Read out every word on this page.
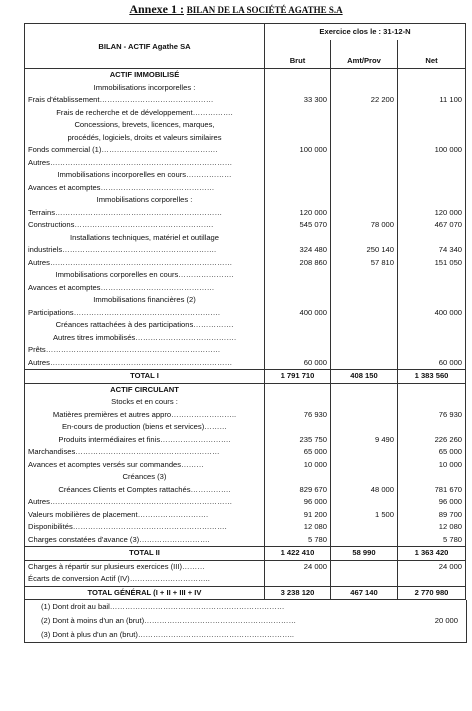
Annexe 1 : BILAN DE LA SOCIÉTÉ AGATHE S.A
	Exercice clos le : 31-12-N		
BILAN - ACTIF Agathe SA			
	Brut	Amt/Prov	Net
ACTIF IMMOBILISÉ			
Immobilisations incorporelles :			
Frais d'établissement………………………………………	33 300	22 200	11 100
Frais de recherche et de développement…………….			
Concessions, brevets, licences, marques,			
procédés, logiciels, droits et valeurs similaires			
Fonds commercial (1)……………………………………….	100 000		100 000
Autres………………………………………………………………			
Immobilisations incorporelles en cours………………			
Avances et acomptes………………………………………			
Immobilisations corporelles :			
Terrains…………………………………………………………	120 000		120 000
Constructions……………………………………………….	545 070	78 000	467 070
Installations techniques, matériel et outillage			
industriels…………………………………………………….	324 480	250 140	74 340
Autres………………………………………………………………	208 860	57 810	151 050
Immobilisations corporelles en cours………………….			
Avances et acomptes………………………………………			
Immobilisations financières (2)			
Participations………………………………………………….	400 000		400 000
Créances rattachées à des participations…………….			
Autres titres immobilisés………………………………….			
Prêts……………………………………………………………			
Autres………………………………………………………………	60 000		60 000
TOTAL I	1 791 710	408 150	1 383 560
ACTIF CIRCULANT			
Stocks et en cours :			
Matières premières et autres appro……………………..	76 930		76 930
En-cours de production (biens et services)………			
Produits intermédiaires et finis……………………….	235 750	9 490	226 260
Marchandises…………………………………………………	65 000		65 000
Avances et acomptes versés sur commandes………	10 000		10 000
Créances (3)			
Créances Clients et Comptes rattachés…………….	829 670	48 000	781 670
Autres………………………………………………………………	96 000		96 000
Valeurs mobilières de placement……………………….	91 200	1 500	89 700
Disponibilités…………………………………………………….	12 080		12 080
Charges constatées d'avance (3)……………………….	5 780		5 780
TOTAL II	1 422 410	58 990	1 363 420
Charges à répartir sur plusieurs exercices (III)………	24 000		24 000
Écarts de conversion Actif (IV)…………………………..			
TOTAL GÉNÉRAL (I + II + III + IV	3 238 120	467 140	2 770 980
(1) Dont droit au bail……………………………………………………………
(2) Dont à moins d'un an (brut)……………………………………………………	20 000
(3) Dont à plus d'un an (brut)……………………………………………………..
